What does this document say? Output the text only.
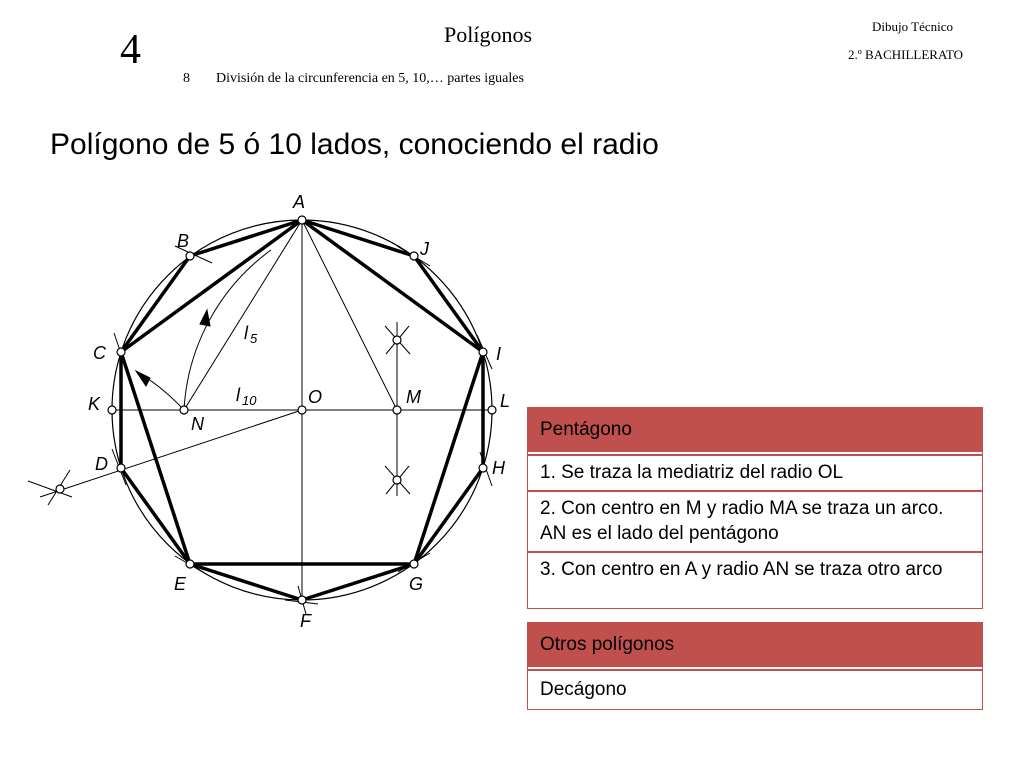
4	Polígonos	Dibujo Técnico
2.º BACHILLERATO
8 División de la circunferencia en 5, 10,… partes iguales
Polígono de 5 ó 10 lados, conociendo el radio
A
B	J
C	I
K	L
O	M
N
D	H
E	G
F
l $_5$
l $_{10}$
Pentágono
1. Se traza la mediatriz del radio OL
2. Con centro en M y radio MA se traza un arco. AN es el lado del pentágono
3. Con centro en A y radio AN se traza otro arco
Otros polígonos
Decágono
